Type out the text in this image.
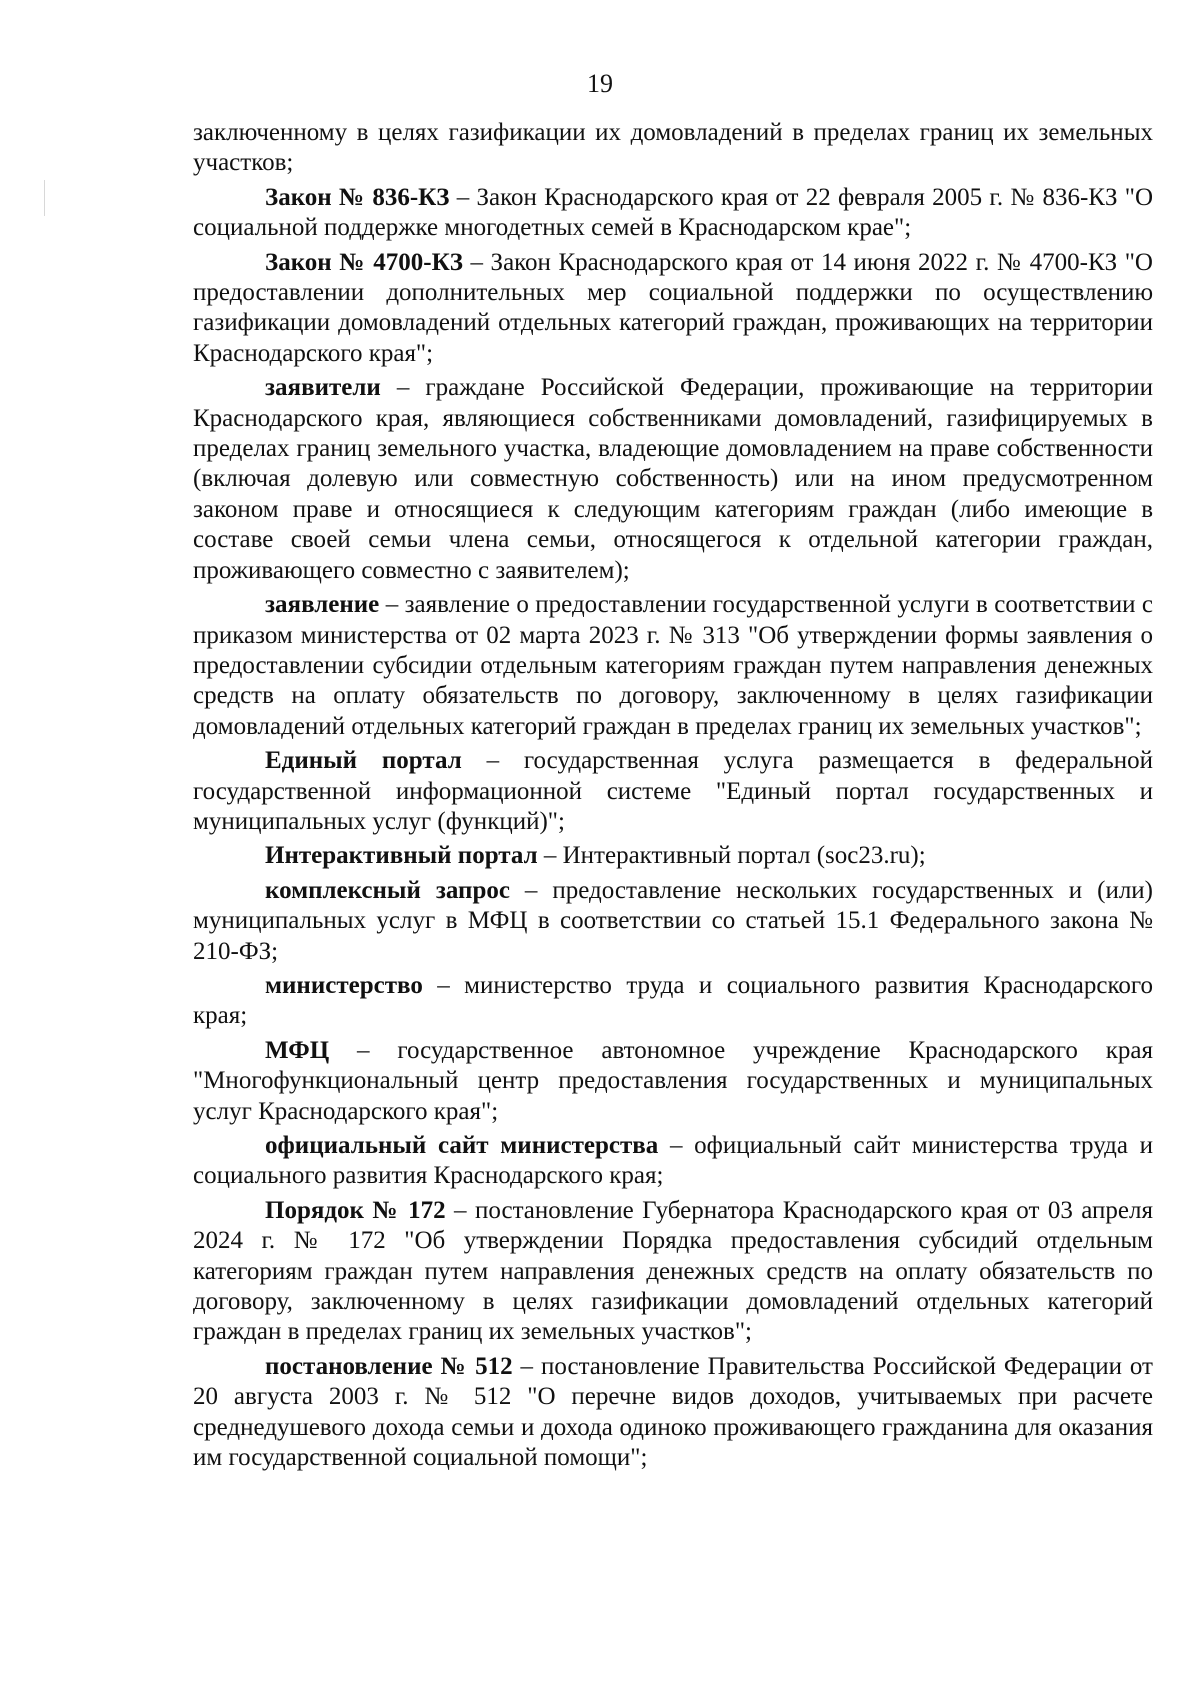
19

заключенному в целях газификации их домовладений в пределах границ их земельных участков;

Закон № 836-КЗ – Закон Краснодарского края от 22 февраля 2005 г. № 836-КЗ "О социальной поддержке многодетных семей в Краснодарском крае";

Закон № 4700-КЗ – Закон Краснодарского края от 14 июня 2022 г. № 4700-КЗ "О предоставлении дополнительных мер социальной поддержки по осуществлению газификации домовладений отдельных категорий граждан, проживающих на территории Краснодарского края";

заявители – граждане Российской Федерации, проживающие на территории Краснодарского края, являющиеся собственниками домовладений, газифицируемых в пределах границ земельного участка, владеющие домовладением на праве собственности (включая долевую или совместную собственность) или на ином предусмотренном законом праве и относящиеся к следующим категориям граждан (либо имеющие в составе своей семьи члена семьи, относящегося к отдельной категории граждан, проживающего совместно с заявителем);

заявление – заявление о предоставлении государственной услуги в соответствии с приказом министерства от 02 марта 2023 г. № 313 "Об утверждении формы заявления о предоставлении субсидии отдельным категориям граждан путем направления денежных средств на оплату обязательств по договору, заключенному в целях газификации домовладений отдельных категорий граждан в пределах границ их земельных участков";

Единый портал – государственная услуга размещается в федеральной государственной информационной системе "Единый портал государственных и муниципальных услуг (функций)";

Интерактивный портал – Интерактивный портал (soc23.ru);

комплексный запрос – предоставление нескольких государственных и (или) муниципальных услуг в МФЦ в соответствии со статьей 15.1 Федерального закона № 210-ФЗ;

министерство – министерство труда и социального развития Краснодарского края;

МФЦ – государственное автономное учреждение Краснодарского края "Многофункциональный центр предоставления государственных и муниципальных услуг Краснодарского края";

официальный сайт министерства – официальный сайт министерства труда и социального развития Краснодарского края;

Порядок № 172 – постановление Губернатора Краснодарского края от 03 апреля 2024 г. № 172 "Об утверждении Порядка предоставления субсидий отдельным категориям граждан путем направления денежных средств на оплату обязательств по договору, заключенному в целях газификации домовладений отдельных категорий граждан в пределах границ их земельных участков";

постановление № 512 – постановление Правительства Российской Федерации от 20 августа 2003 г. № 512 "О перечне видов доходов, учитываемых при расчете среднедушевого дохода семьи и дохода одиноко проживающего гражданина для оказания им государственной социальной помощи";
